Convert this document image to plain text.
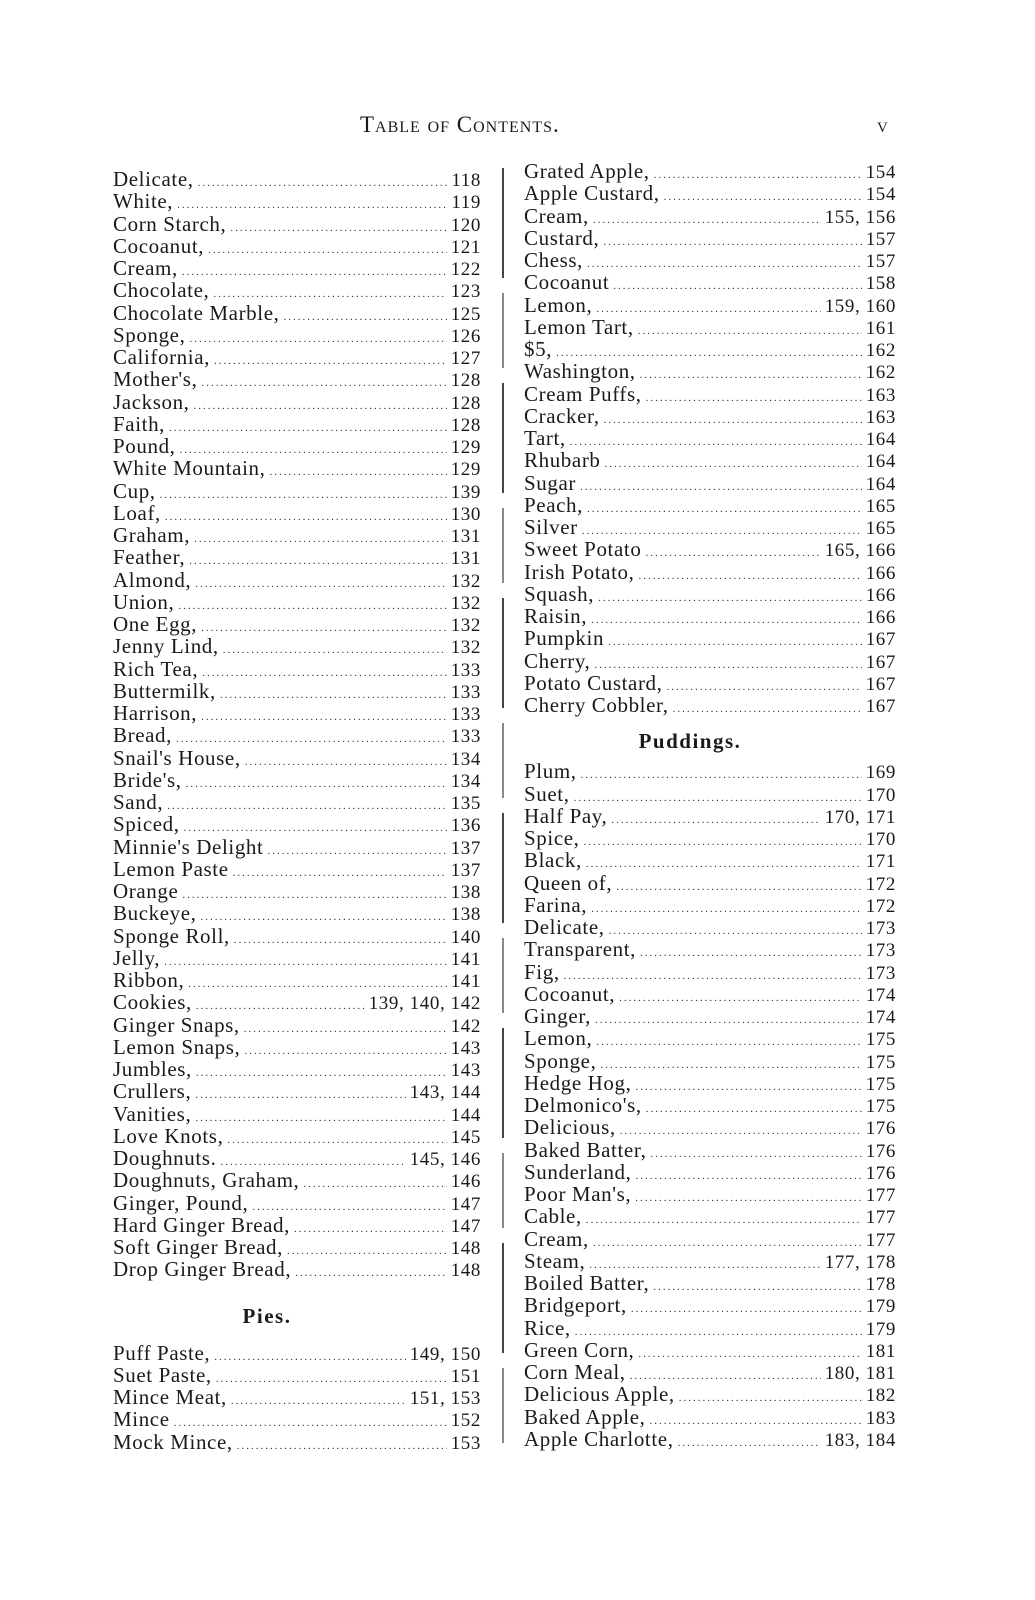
Table of Contents.	v
Delicate, .....	118
White, .....	119
Corn Starch, .....	120
Cocoanut, .....	121
Cream, .....	122
Chocolate, .....	123
Chocolate Marble, .....	125
Sponge, .....	126
California, .....	127
Mother's, .....	128
Jackson, .....	128
Faith, .....	128
Pound, .....	129
White Mountain, .....	129
Cup, .....	139
Loaf, .....	130
Graham, .....	131
Feather, .....	131
Almond, .....	132
Union, .....	132
One Egg, .....	132
Jenny Lind, .....	132
Rich Tea, .....	133
Buttermilk, .....	133
Harrison, .....	133
Bread, .....	133
Snail's House, .....	134
Bride's, .....	134
Sand, .....	135
Spiced, .....	136
Minnie's Delight .....	137
Lemon Paste .....	137
Orange .....	138
Buckeye, .....	138
Sponge Roll, .....	140
Jelly, .....	141
Ribbon, .....	141
Cookies, .....	139, 140, 142
Ginger Snaps, .....	142
Lemon Snaps, .....	143
Jumbles, .....	143
Crullers, .....	143, 144
Vanities, .....	144
Love Knots, .....	145
Doughnuts. .....	145, 146
Doughnuts, Graham, .....	146
Ginger, Pound, .....	147
Hard Ginger Bread, .....	147
Soft Ginger Bread, .....	148
Drop Ginger Bread, .....	148
Pies.
Puff Paste, .....	149, 150
Suet Paste, .....	151
Mince Meat, .....	151, 153
Mince .....	152
Mock Mince, .....	153
Grated Apple, .....	154
Apple Custard, .....	154
Cream, .....	155, 156
Custard, .....	157
Chess, .....	157
Cocoanut .....	158
Lemon, .....	159, 160
Lemon Tart, .....	161
$5, .....	162
Washington, .....	162
Cream Puffs, .....	163
Cracker, .....	163
Tart, .....	164
Rhubarb .....	164
Sugar .....	164
Peach, .....	165
Silver .....	165
Sweet Potato .....	165, 166
Irish Potato, .....	166
Squash, .....	166
Raisin, .....	166
Pumpkin .....	167
Cherry, .....	167
Potato Custard, .....	167
Cherry Cobbler, .....	167
Puddings.
Plum, .....	169
Suet, .....	170
Half Pay, .....	170, 171
Spice, .....	170
Black, .....	171
Queen of, .....	172
Farina, .....	172
Delicate, .....	173
Transparent, .....	173
Fig, .....	173
Cocoanut, .....	174
Ginger, .....	174
Lemon, .....	175
Sponge, .....	175
Hedge Hog, .....	175
Delmonico's, .....	175
Delicious, .....	176
Baked Batter, .....	176
Sunderland, .....	176
Poor Man's, .....	177
Cable, .....	177
Cream, .....	177
Steam, .....	177, 178
Boiled Batter, .....	178
Bridgeport, .....	179
Rice, .....	179
Green Corn, .....	181
Corn Meal, .....	180, 181
Delicious Apple, .....	182
Baked Apple, .....	183
Apple Charlotte, .....	183, 184
